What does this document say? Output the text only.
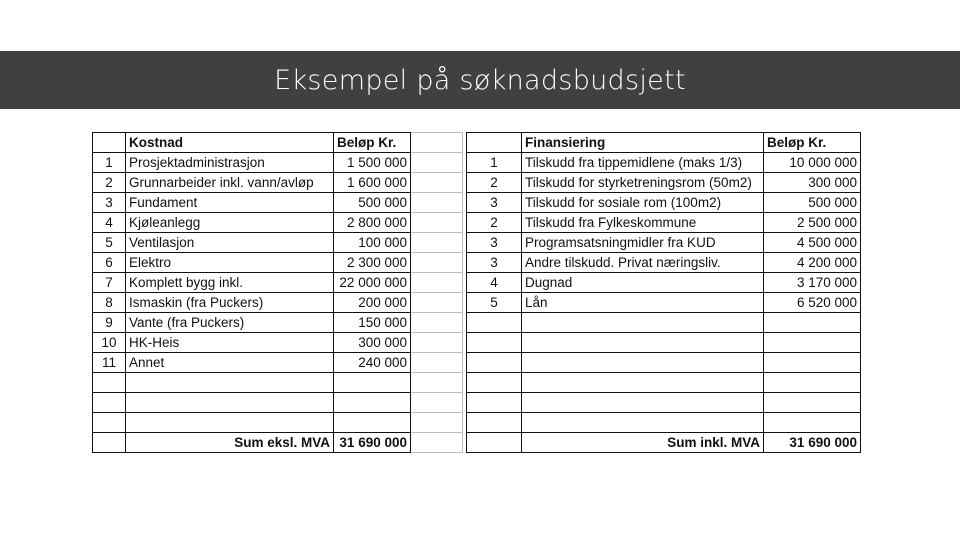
Eksempel på søknadsbudsjett
	Kostnad	Beløp Kr.	
1	Prosjektadministrasjon	1 500 000	
2	Grunnarbeider inkl. vann/avløp	1 600 000	
3	Fundament	500 000	
4	Kjøleanlegg	2 800 000	
5	Ventilasjon	100 000	
6	Elektro	2 300 000	
7	Komplett bygg inkl.	22 000 000	
8	Ismaskin (fra Puckers)	200 000	
9	Vante (fra Puckers)	150 000	
10	HK-Heis	300 000	
11	Annet	240 000	

	Sum eksl. MVA	31 690 000	
	Finansiering	Beløp Kr.
1	Tilskudd fra tippemidlene (maks 1/3)	10 000 000
2	Tilskudd for styrketreningsrom (50m2)	300 000
3	Tilskudd for sosiale rom (100m2)	500 000
2	Tilskudd fra Fylkeskommune	2 500 000
3	Programsatsningmidler fra KUD	4 500 000
3	Andre tilskudd. Privat næringsliv.	4 200 000
4	Dugnad	3 170 000
5	Lån	6 520 000

	Sum inkl. MVA	31 690 000
